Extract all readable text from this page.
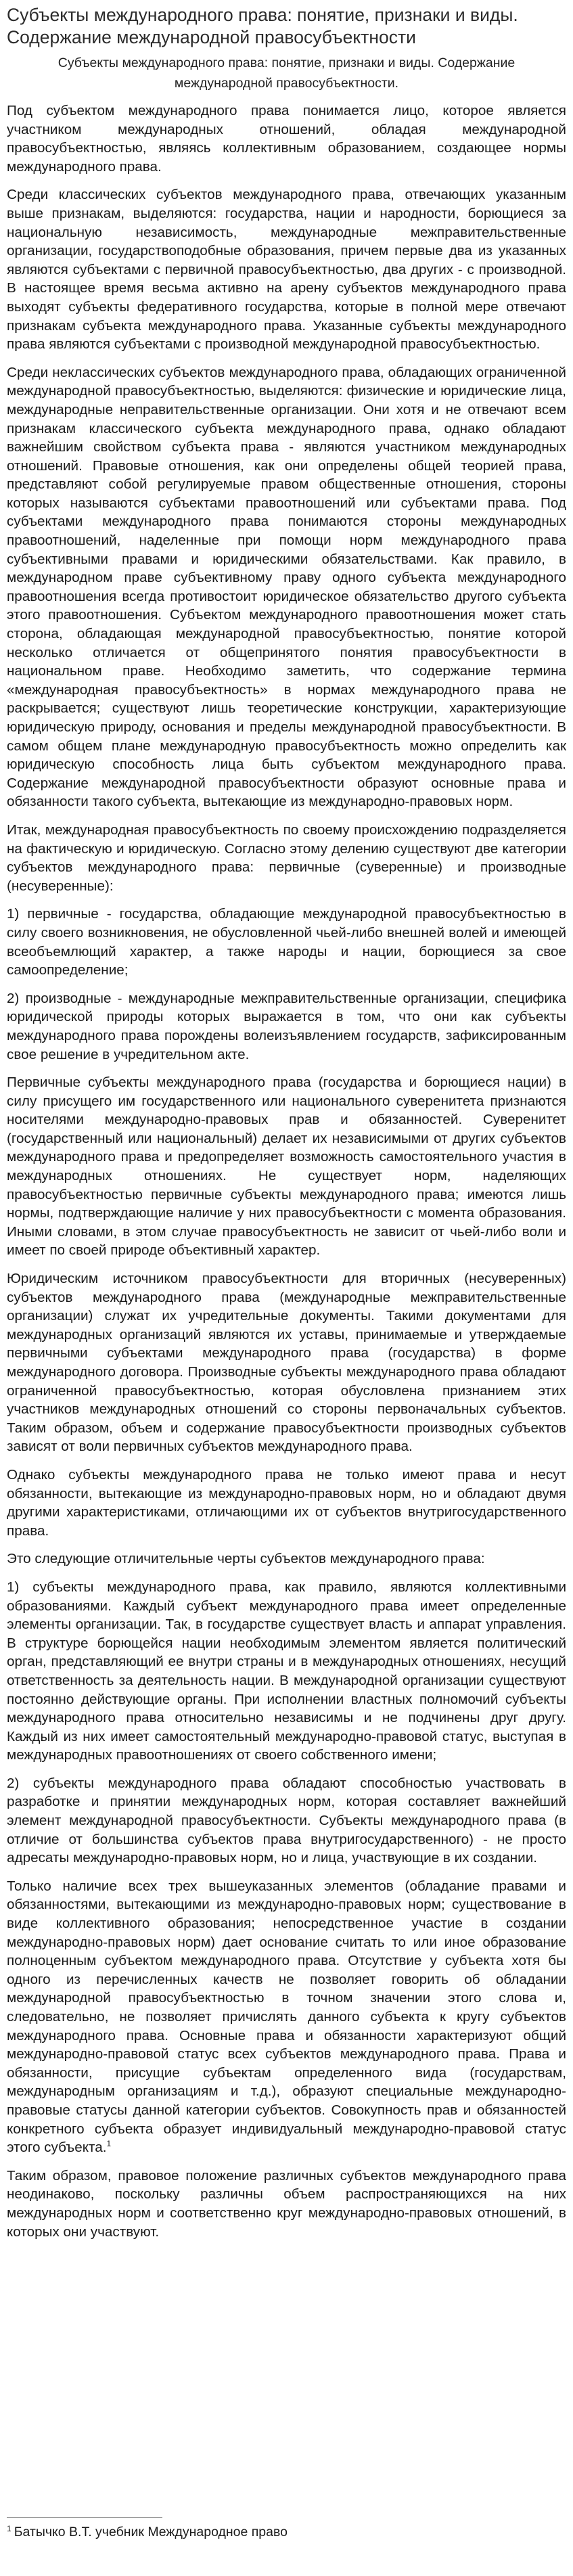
Субъекты международного права: понятие, признаки и виды. Содержание международной правосубъектности
Субъекты международного права: понятие, признаки и виды. Содержание международной правосубъектности.

Под субъектом международного права понимается лицо, которое является участником международных отношений, обладая международной правосубъектностью, являясь коллективным образованием, создающее нормы международного права.

Среди классических субъектов международного права, отвечающих указанным выше признакам, выделяются: государства, нации и народности, борющиеся за национальную независимость, международные межправительственные организации, государствоподобные образования, причем первые два из указанных являются субъектами с первичной правосубъектностью, два других - с производной. В настоящее время весьма активно на арену субъектов международного права выходят субъекты федеративного государства, которые в полной мере отвечают признакам субъекта международного права. Указанные субъекты международного права являются субъектами с производной международной правосубъектностью.

Среди неклассических субъектов международного права, обладающих ограниченной международной правосубъектностью, выделяются: физические и юридические лица, международные неправительственные организации. Они хотя и не отвечают всем признакам классического субъекта международного права, однако обладают важнейшим свойством субъекта права - являются участником международных отношений. Правовые отношения, как они определены общей теорией права, представляют собой регулируемые правом общественные отношения, стороны которых называются субъектами правоотношений или субъектами права. Под субъектами международного права понимаются стороны международных правоотношений, наделенные при помощи норм международного права субъективными правами и юридическими обязательствами. Как правило, в международном праве субъективному праву одного субъекта международного правоотношения всегда противостоит юридическое обязательство другого субъекта этого правоотношения. Субъектом международного правоотношения может стать сторона, обладающая международной правосубъектностью, понятие которой несколько отличается от общепринятого понятия правосубъектности в национальном праве. Необходимо заметить, что содержание термина «международная правосубъектность» в нормах международного права не раскрывается; существуют лишь теоретические конструкции, характеризующие юридическую природу, основания и пределы международной правосубъектности. В самом общем плане международную правосубъектность можно определить как юридическую способность лица быть субъектом международного права. Содержание международной правосубъектности образуют основные права и обязанности такого субъекта, вытекающие из международно-правовых норм.

Итак, международная правосубъектность по своему происхождению подразделяется на фактическую и юридическую. Согласно этому делению существуют две категории субъектов международного права: первичные (суверенные) и производные (несуверенные):

1) первичные - государства, обладающие международной правосубъектностью в силу своего возникновения, не обусловленной чьей-либо внешней волей и имеющей всеобъемлющий характер, а также народы и нации, борющиеся за свое самоопределение;

2) производные - международные межправительственные организации, специфика юридической природы которых выражается в том, что они как субъекты международного права порождены волеизъявлением государств, зафиксированным свое решение в учредительном акте.

Первичные субъекты международного права (государства и борющиеся нации) в силу присущего им государственного или национального суверенитета признаются носителями международно-правовых прав и обязанностей. Суверенитет (государственный или национальный) делает их независимыми от других субъектов международного права и предопределяет возможность самостоятельного участия в международных отношениях. Не существует норм, наделяющих правосубъектностью первичные субъекты международного права; имеются лишь нормы, подтверждающие наличие у них правосубъектности с момента образования. Иными словами, в этом случае правосубъектность не зависит от чьей-либо воли и имеет по своей природе объективный характер.

Юридическим источником правосубъектности для вторичных (несуверенных) субъектов международного права (международные межправительственные организации) служат их учредительные документы. Такими документами для международных организаций являются их уставы, принимаемые и утверждаемые первичными субъектами международного права (государства) в форме международного договора. Производные субъекты международного права обладают ограниченной правосубъектностью, которая обусловлена признанием этих участников международных отношений со стороны первоначальных субъектов. Таким образом, объем и содержание правосубъектности производных субъектов зависят от воли первичных субъектов международного права.

Однако субъекты международного права не только имеют права и несут обязанности, вытекающие из международно-правовых норм, но и обладают двумя другими характеристиками, отличающими их от субъектов внутригосударственного права.

Это следующие отличительные черты субъектов международного права:

1) субъекты международного права, как правило, являются коллективными образованиями. Каждый субъект международного права имеет определенные элементы организации. Так, в государстве существует власть и аппарат управления. В структуре борющейся нации необходимым элементом является политический орган, представляющий ее внутри страны и в международных отношениях, несущий ответственность за деятельность нации. В международной организации существуют постоянно действующие органы. При исполнении властных полномочий субъекты международного права относительно независимы и не подчинены друг другу. Каждый из них имеет самостоятельный международно-правовой статус, выступая в международных правоотношениях от своего собственного имени;

2) субъекты международного права обладают способностью участвовать в разработке и принятии международных норм, которая составляет важнейший элемент международной правосубъектности. Субъекты международного права (в отличие от большинства субъектов права внутригосударственного) - не просто адресаты международно-правовых норм, но и лица, участвующие в их создании.

Только наличие всех трех вышеуказанных элементов (обладание правами и обязанностями, вытекающими из международно-правовых норм; существование в виде коллективного образования; непосредственное участие в создании международно-правовых норм) дает основание считать то или иное образование полноценным субъектом международного права. Отсутствие у субъекта хотя бы одного из перечисленных качеств не позволяет говорить об обладании международной правосубъектностью в точном значении этого слова и, следовательно, не позволяет причислять данного субъекта к кругу субъектов международного права. Основные права и обязанности характеризуют общий международно-правовой статус всех субъектов международного права. Права и обязанности, присущие субъектам определенного вида (государствам, международным организациям и т.д.), образуют специальные международно-правовые статусы данной категории субъектов. Совокупность прав и обязанностей конкретного субъекта образует индивидуальный международно-правовой статус этого субъекта.$^1$

Таким образом, правовое положение различных субъектов международного права неодинаково, поскольку различны объем распространяющихся на них международных норм и соответственно круг международно-правовых отношений, в которых они участвуют.

$^1$ Батычко В.Т. учебник Международное право
